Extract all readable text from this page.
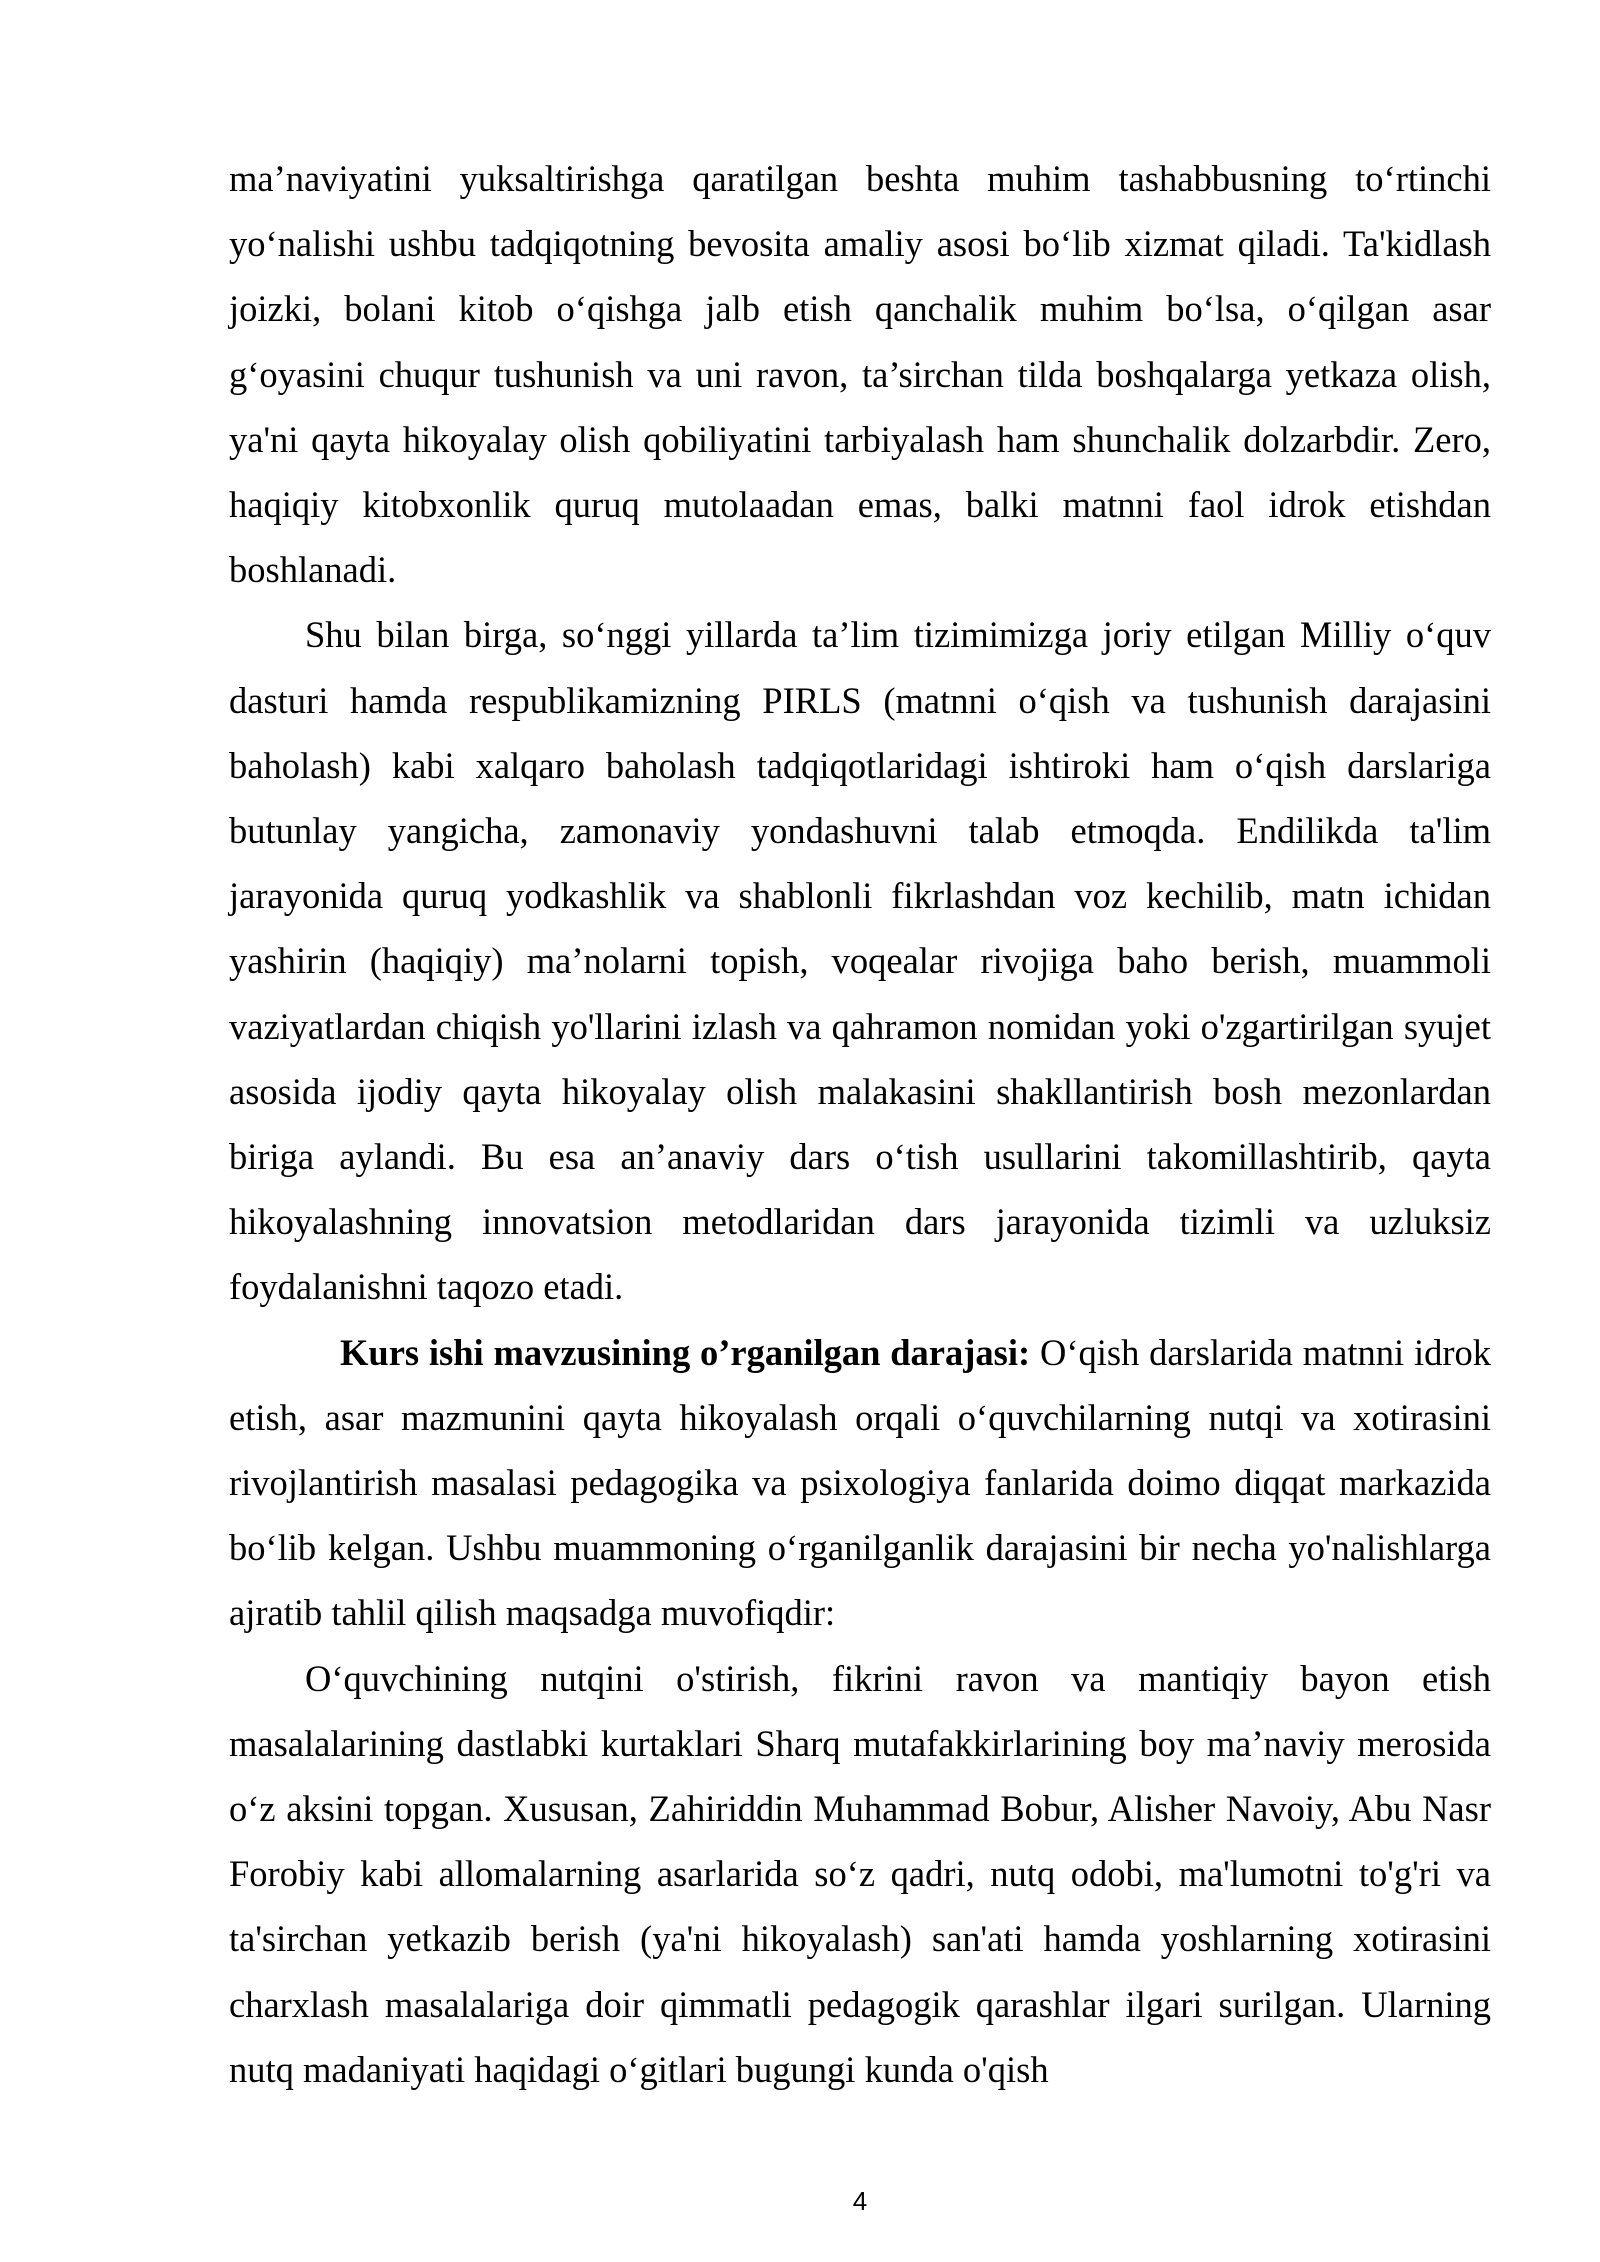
ma’naviyatini yuksaltirishga qaratilgan beshta muhim tashabbusning to‘rtinchi yo‘nalishi ushbu tadqiqotning bevosita amaliy asosi bo‘lib xizmat qiladi. Ta'kidlash joizki, bolani kitob o‘qishga jalb etish qanchalik muhim bo‘lsa, o‘qilgan asar g‘oyasini chuqur tushunish va uni ravon, ta’sirchan tilda boshqalarga yetkaza olish, ya'ni qayta hikoyalay olish qobiliyatini tarbiyalash ham shunchalik dolzarbdir. Zero, haqiqiy kitobxonlik quruq mutolaadan emas, balki matnni faol idrok etishdan boshlanadi.

Shu bilan birga, so‘nggi yillarda ta’lim tizimimizga joriy etilgan Milliy o‘quv dasturi hamda respublikamizning PIRLS (matnni o‘qish va tushunish darajasini baholash) kabi xalqaro baholash tadqiqotlaridagi ishtiroki ham o‘qish darslariga butunlay yangicha, zamonaviy yondashuvni talab etmoqda. Endilikda ta'lim jarayonida quruq yodkashlik va shablonli fikrlashdan voz kechilib, matn ichidan yashirin (haqiqiy) ma’nolarni topish, voqealar rivojiga baho berish, muammoli vaziyatlardan chiqish yo'llarini izlash va qahramon nomidan yoki o'zgartirilgan syujet asosida ijodiy qayta hikoyalay olish malakasini shakllantirish bosh mezonlardan biriga aylandi. Bu esa an’anaviy dars o‘tish usullarini takomillashtirib, qayta hikoyalashning innovatsion metodlaridan dars jarayonida tizimli va uzluksiz foydalanishni taqozo etadi.

Kurs ishi mavzusining o’rganilgan darajasi: O‘qish darslarida matnni idrok etish, asar mazmunini qayta hikoyalash orqali o‘quvchilarning nutqi va xotirasini rivojlantirish masalasi pedagogika va psixologiya fanlarida doimo diqqat markazida bo‘lib kelgan. Ushbu muammoning o‘rganilganlik darajasini bir necha yo'nalishlarga ajratib tahlil qilish maqsadga muvofiqdir:

O‘quvchining nutqini o'stirish, fikrini ravon va mantiqiy bayon etish masalalarining dastlabki kurtaklari Sharq mutafakkirlarining boy ma’naviy merosida o‘z aksini topgan. Xususan, Zahiriddin Muhammad Bobur, Alisher Navoiy, Abu Nasr Forobiy kabi allomalarning asarlarida so‘z qadri, nutq odobi, ma'lumotni to'g'ri va ta'sirchan yetkazib berish (ya'ni hikoyalash) san'ati hamda yoshlarning xotirasini charxlash masalalariga doir qimmatli pedagogik qarashlar ilgari surilgan. Ularning nutq madaniyati haqidagi o‘gitlari bugungi kunda o'qish

4
